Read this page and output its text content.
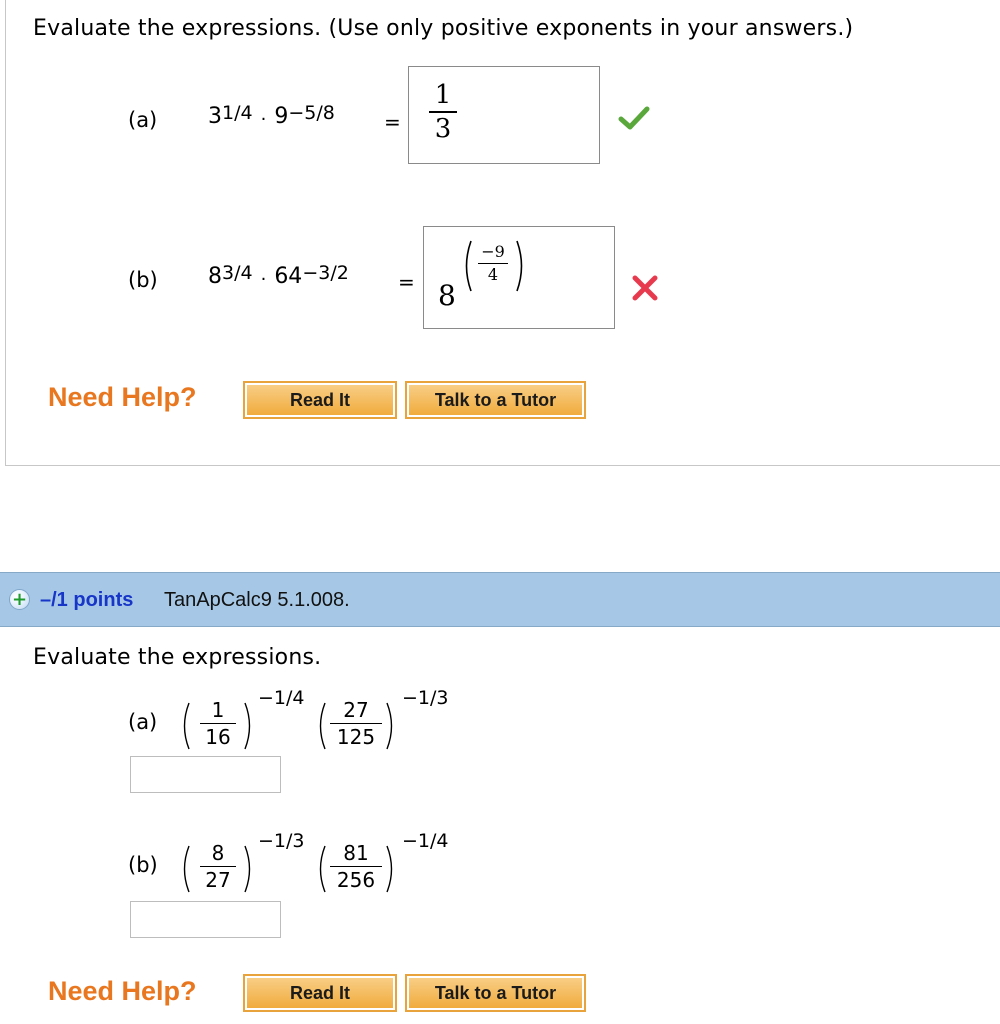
Evaluate the expressions. (Use only positive exponents in your answers.)
(a) $3^{1/4}$ . $9^{-5/8}$ =
1
3
(b) $8^{3/4}$ . $64^{-3/2} = 8$
−9
4
Need Help?	Read It	Talk to a Tutor
+ –/1 points TanApCalc9 5.1.008.
Evaluate the expressions.
(a)	1
16
−1/4	27
125
−1/3
(b)	8
27
−1/3	81
256
−1/4
Need Help?	Read It	Talk to a Tutor
